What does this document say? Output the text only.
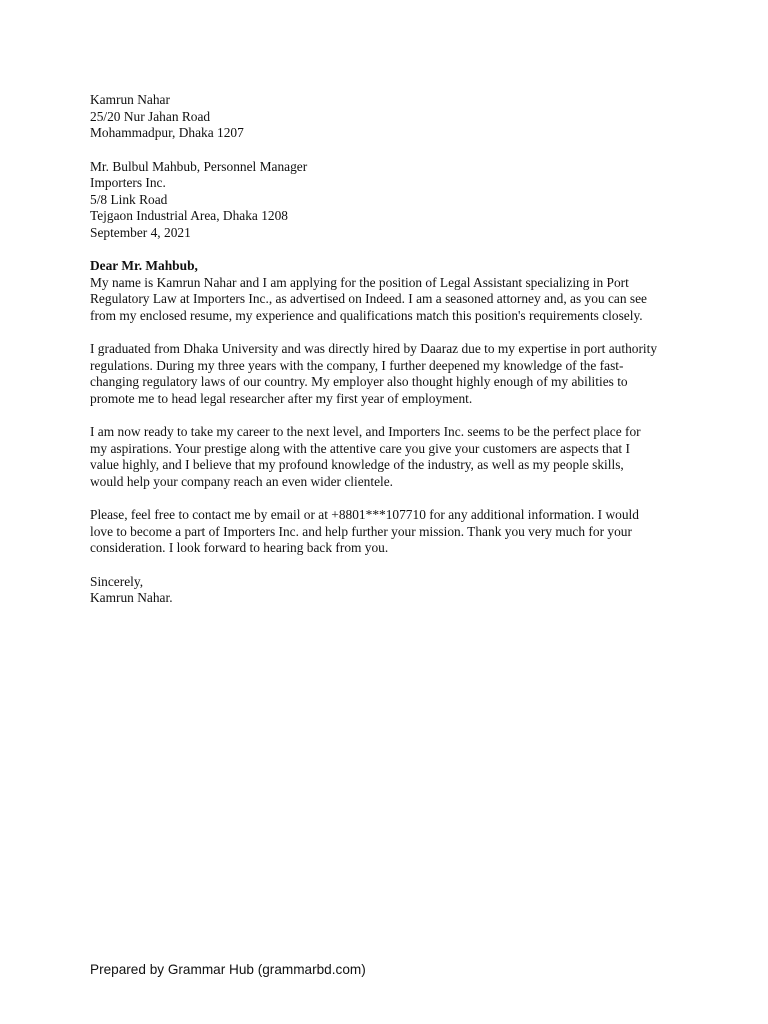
Kamrun Nahar
25/20 Nur Jahan Road
Mohammadpur, Dhaka 1207
Mr. Bulbul Mahbub, Personnel Manager
Importers Inc.
5/8 Link Road
Tejgaon Industrial Area, Dhaka 1208
September 4, 2021
Dear Mr. Mahbub,
My name is Kamrun Nahar and I am applying for the position of Legal Assistant specializing in Port
Regulatory Law at Importers Inc., as advertised on Indeed. I am a seasoned attorney and, as you can see
from my enclosed resume, my experience and qualifications match this position's requirements closely.
I graduated from Dhaka University and was directly hired by Daaraz due to my expertise in port authority
regulations. During my three years with the company, I further deepened my knowledge of the fast-
changing regulatory laws of our country. My employer also thought highly enough of my abilities to
promote me to head legal researcher after my first year of employment.
I am now ready to take my career to the next level, and Importers Inc. seems to be the perfect place for
my aspirations. Your prestige along with the attentive care you give your customers are aspects that I
value highly, and I believe that my profound knowledge of the industry, as well as my people skills,
would help your company reach an even wider clientele.
Please, feel free to contact me by email or at +8801***107710 for any additional information. I would
love to become a part of Importers Inc. and help further your mission. Thank you very much for your
consideration. I look forward to hearing back from you.
Sincerely,
Kamrun Nahar.
Prepared by Grammar Hub (grammarbd.com)
